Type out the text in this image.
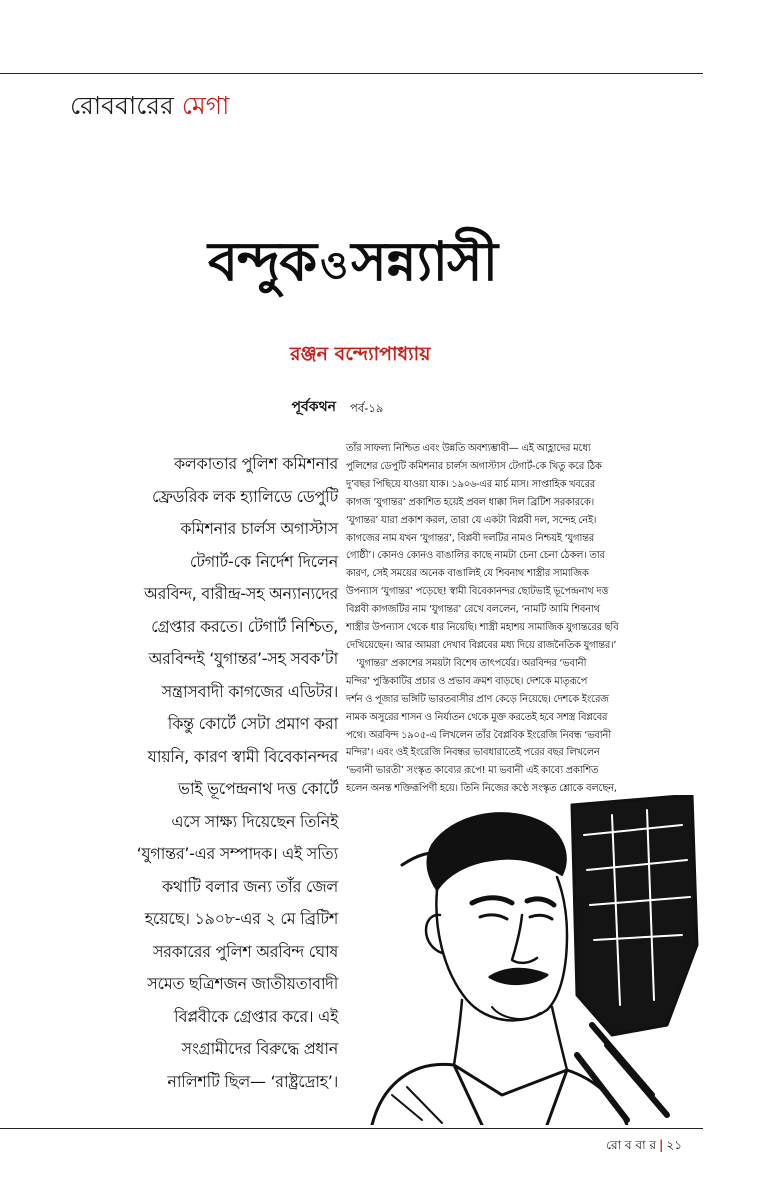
রোববারের মেগা
বন্দুক ওসন্ন্যাসী
রঞ্জন বন্দ্যোপাধ্যায়
পূর্বকথন পর্ব-১৯
কলকাতার পুলিশ কমিশনার
ফ্রেডরিক লক হ্যালিডে ডেপুটি
কমিশনার চার্লস অগাস্টাস
টেগার্ট-কে নির্দেশ দিলেন
অরবিন্দ, বারীন্দ্র-সহ অন্যান্যদের
গ্রেপ্তার করতে। টেগার্ট নিশ্চিত,
অরবিন্দই ‘যুগান্তর’-সহ সবক’টা
সন্ত্রাসবাদী কাগজের এডিটর।
কিন্তু কোর্টে সেটা প্রমাণ করা
যায়নি, কারণ স্বামী বিবেকানন্দর
ভাই ভূপেন্দ্রনাথ দত্ত কোর্টে
এসে সাক্ষ্য দিয়েছেন তিনিই
‘যুগান্তর’-এর সম্পাদক। এই সত্যি
কথাটি বলার জন্য তাঁর জেল
হয়েছে। ১৯০৮-এর ২ মে ব্রিটিশ
সরকারের পুলিশ অরবিন্দ ঘোষ
সমেত ছত্রিশজন জাতীয়তাবাদী
বিপ্লবীকে গ্রেপ্তার করে। এই
সংগ্রামীদের বিরুদ্ধে প্রধান
নালিশটি ছিল— ‘রাষ্ট্রদ্রোহ’।
তাঁর সাফল্য নিশ্চিত এবং উন্নতি অবশ্যম্ভাবী— এই আহ্লাদের মধ্যে
পুলিশের ডেপুটি কমিশনার চার্লস অগাস্টাস টেগার্ট-কে খিতু করে ঠিক
দু’বছর পিছিয়ে যাওয়া যাক। ১৯০৬-এর মার্চ মাস। সাপ্তাহিক খবরের
কাগজ ‘যুগান্তর’ প্রকাশিত হয়েই প্রবল ধাক্কা দিল ব্রিটিশ সরকারকে।
‘যুগান্তর’ যারা প্রকাশ করল, তারা যে একটা বিপ্লবী দল, সন্দেহ নেই।
কাগজের নাম যখন ‘যুগান্তর’, বিপ্লবী দলটির নামও নিশ্চয়ই ‘যুগান্তর
গোষ্ঠী’। কোনও কোনও বাঙালির কাছে নামটা চেনা চেনা ঠেকল। তার
কারণ, সেই সময়ের অনেক বাঙালিই যে শিবনাথ শাস্ত্রীর সামাজিক
উপন্যাস ‘যুগান্তর’ পড়েছে! স্বামী বিবেকানন্দর ছোটভাই ভূপেন্দ্রনাথ দত্ত
বিপ্লবী কাগজটির নাম ‘যুগান্তর’ রেখে বললেন, ‘নামটি আমি শিবনাথ
শাস্ত্রীর উপন্যাস থেকে ধার নিয়েছি। শাস্ত্রী মহাশয় সামাজিক যুগান্তরের ছবি
দেখিয়েছেন। আর আমরা দেখাব বিপ্লবের মধ্য দিয়ে রাজনৈতিক যুগান্তর।’
‘যুগান্তর’ প্রকাশের সময়টা বিশেষ তাৎপর্যের। অরবিন্দর ‘ভবানী
মন্দির’ পুস্তিকাটির প্রচার ও প্রভাব ক্রমশ বাড়ছে। দেশকে মাতৃরূপে
দর্শন ও পূজার ভঙ্গিটি ভারতবাসীর প্রাণ কেড়ে নিয়েছে। দেশকে ইংরেজ
নামক অসুরের শাসন ও নির্যাতন থেকে মুক্ত করতেই হবে সশস্ত্র বিপ্লবের
পথে। অরবিন্দ ১৯০৫-এ লিখলেন তাঁর বৈপ্লবিক ইংরেজি নিবন্ধ ‘ভবানী
মন্দির’। এবং ওই ইংরেজি নিবন্ধর ভাবধারাতেই পরের বছর লিখলেন
‘ভবানী ভারতী’ সংস্কৃত কাব্যের রূপে! মা ভবানী এই কাব্যে প্রকাশিত
হলেন অনন্ত শক্তিরূপিণী হয়ে। তিনি নিজের কণ্ঠে সংস্কৃত শ্লোকে বলছেন,
রো ব বা র | ২১
